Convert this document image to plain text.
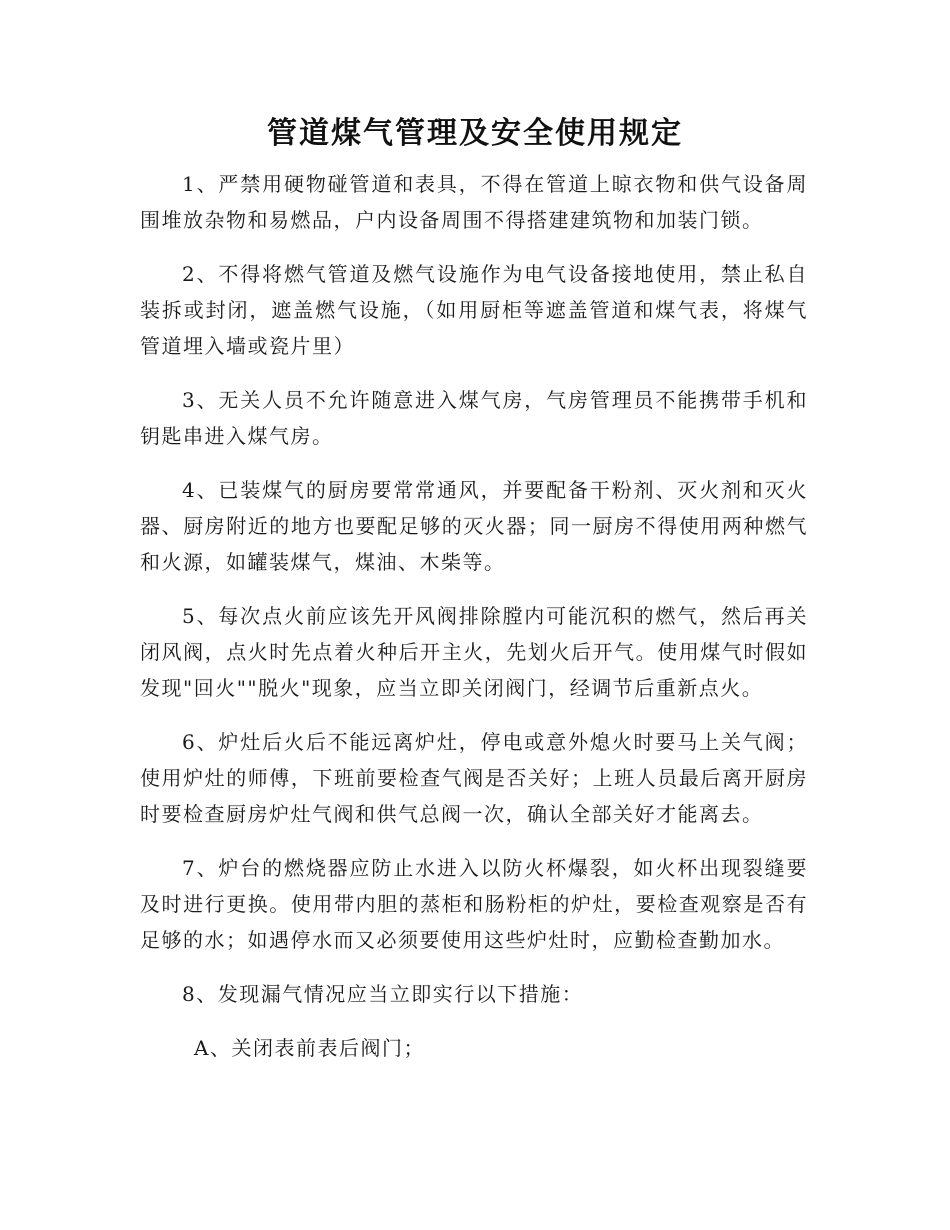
管道煤气管理及安全使用规定

1、严禁用硬物碰管道和表具，不得在管道上晾衣物和供气设备周围堆放杂物和易燃品，户内设备周围不得搭建建筑物和加装门锁。

2、不得将燃气管道及燃气设施作为电气设备接地使用，禁止私自装拆或封闭，遮盖燃气设施，（如用厨柜等遮盖管道和煤气表，将煤气管道埋入墙或瓷片里）

3、无关人员不允许随意进入煤气房，气房管理员不能携带手机和钥匙串进入煤气房。

4、已装煤气的厨房要常常通风，并要配备干粉剂、灭火剂和灭火器、厨房附近的地方也要配足够的灭火器；同一厨房不得使用两种燃气和火源，如罐装煤气，煤油、木柴等。

5、每次点火前应该先开风阀排除膛内可能沉积的燃气，然后再关闭风阀，点火时先点着火种后开主火，先划火后开气。使用煤气时假如发现"回火""脱火"现象，应当立即关闭阀门，经调节后重新点火。

6、炉灶后火后不能远离炉灶，停电或意外熄火时要马上关气阀；使用炉灶的师傅，下班前要检查气阀是否关好；上班人员最后离开厨房时要检查厨房炉灶气阀和供气总阀一次，确认全部关好才能离去。

7、炉台的燃烧器应防止水进入以防火杯爆裂，如火杯出现裂缝要及时进行更换。使用带内胆的蒸柜和肠粉柜的炉灶，要检查观察是否有足够的水；如遇停水而又必须要使用这些炉灶时，应勤检查勤加水。

8、发现漏气情况应当立即实行以下措施：

A、关闭表前表后阀门；
